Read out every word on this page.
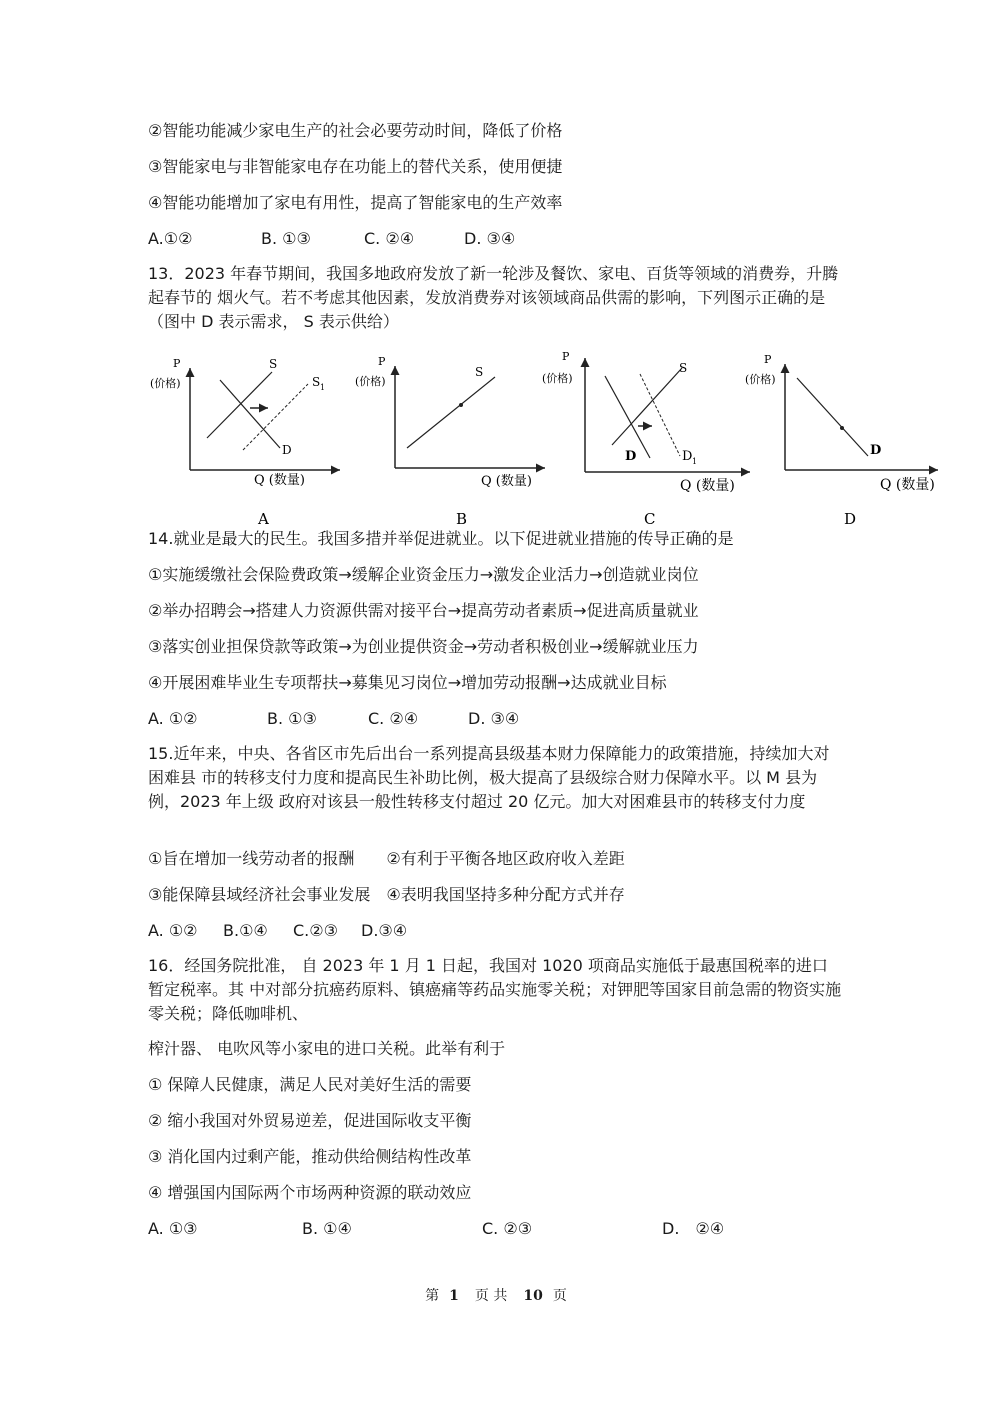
②智能功能减少家电生产的社会必要劳动时间，降低了价格
③智能家电与非智能家电存在功能上的替代关系，使用便捷
④智能功能增加了家电有用性，提高了智能家电的生产效率
A.①②	B. ①③	C. ②④	D. ③④
13．2023 年春节期间，我国多地政府发放了新一轮涉及餐饮、家电、百货等领域的消费券，升腾起春节的 烟火气。若不考虑其他因素，发放消费券对该领域商品供需的影响，下列图示正确的是（图中 D 表示需求， S 表示供给）
P
(价格)
S
S 1
D
Q (数量)
A
P
(价格)
S
Q (数量)
B
P
(价格)
S
D	D 1
Q (数量)
C
P
(价格)
D
Q (数量)
D
14.就业是最大的民生。我国多措并举促进就业。以下促进就业措施的传导正确的是
①实施缓缴社会保险费政策→缓解企业资金压力→激发企业活力→创造就业岗位
②举办招聘会→搭建人力资源供需对接平台→提高劳动者素质→促进高质量就业
③落实创业担保贷款等政策→为创业提供资金→劳动者积极创业→缓解就业压力
④开展困难毕业生专项帮扶→募集见习岗位→增加劳动报酬→达成就业目标
A. ①②	B. ①③	C. ②④	D. ③④
15.近年来，中央、各省区市先后出台一系列提高县级基本财力保障能力的政策措施，持续加大对困难县 市的转移支付力度和提高民生补助比例，极大提高了县级综合财力保障水平。以 M 县为例，2023 年上级 政府对该县一般性转移支付超过 20 亿元。加大对困难县市的转移支付力度
①旨在增加一线劳动者的报酬　　②有利于平衡各地区政府收入差距
③能保障县域经济社会事业发展　④表明我国坚持多种分配方式并存
A. ①② B.①④ C.②③ D.③④
16．经国务院批准， 自 2023 年 1 月 1 日起，我国对 1020 项商品实施低于最惠国税率的进口暂定税率。其 中对部分抗癌药原料、镇癌痛等药品实施零关税；对钾肥等国家目前急需的物资实施零关税；降低咖啡机、
榨汁器、 电吹风等小家电的进口关税。此举有利于
① 保障人民健康，满足人民对美好生活的需要
② 缩小我国对外贸易逆差，促进国际收支平衡
③ 消化国内过剩产能，推动供给侧结构性改革
④ 增强国内国际两个市场两种资源的联动效应
A. ①③	B. ①④	C. ②③	D.　②④
第 1 页 共 10 页
